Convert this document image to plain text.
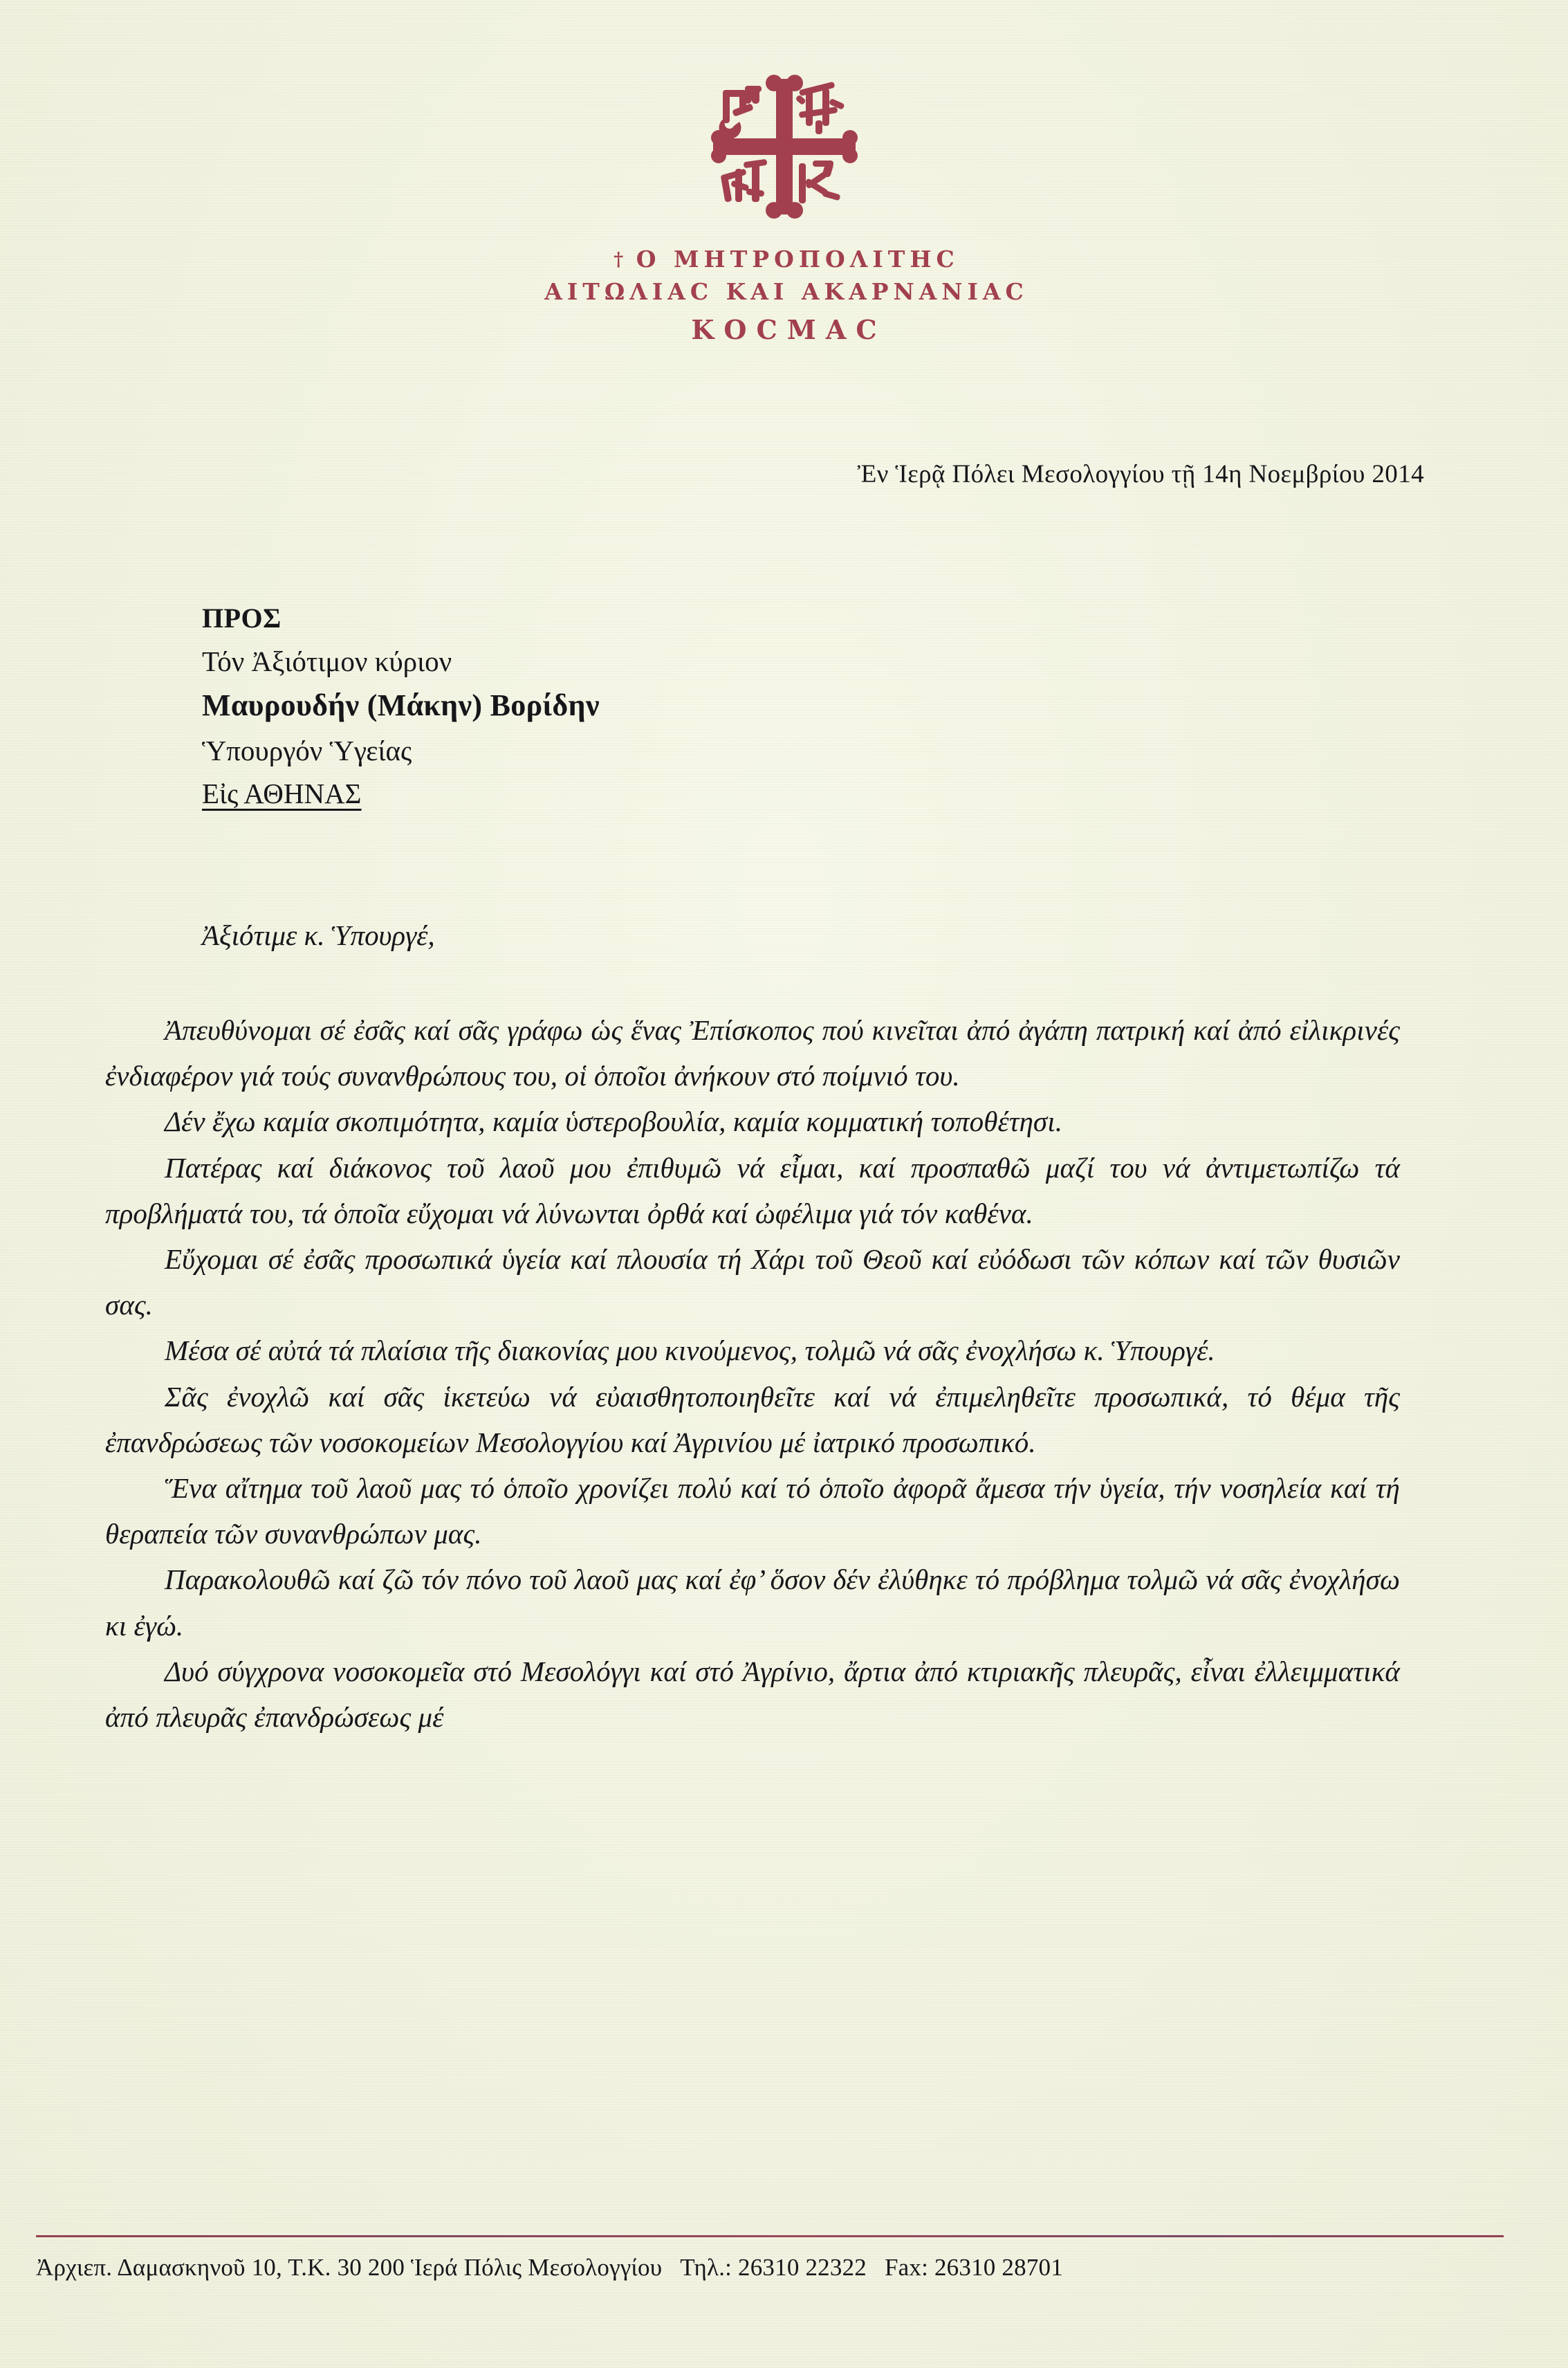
† Ο ΜΗΤΡΟΠΟΛΙΤΗϹ
ΑΙΤΩΛΙΑϹ ΚΑΙ ΑΚΑΡΝΑΝΙΑϹ
ΚΟϹΜΑϹ
Ἐν Ἱερᾷ Πόλει Μεσολογγίου τῇ 14η Νοεμβρίου 2014
ΠΡΟΣ
Τόν Ἀξιότιμον κύριον
Μαυρουδήν (Μάκην) Βορίδην
Ὑπουργόν Ὑγείας
Εἰς ΑΘΗΝΑΣ
Ἀξιότιμε κ. Ὑπουργέ,

Ἀπευθύνομαι σέ ἐσᾶς καί σᾶς γράφω ὡς ἕνας Ἐπίσκοπος πού κινεῖται ἀπό ἀγάπη πατρική καί ἀπό εἰλικρινές ἐνδιαφέρον γιά τούς συνανθρώπους του, οἱ ὁποῖοι ἀνήκουν στό ποίμνιό του.

Δέν ἔχω καμία σκοπιμότητα, καμία ὑστεροβουλία, καμία κομματική τοποθέτησι.

Πατέρας καί διάκονος τοῦ λαοῦ μου ἐπιθυμῶ νά εἶμαι, καί προσπαθῶ μαζί του νά ἀντιμετωπίζω τά προβλήματά του, τά ὁποῖα εὔχομαι νά λύνωνται ὀρθά καί ὠφέλιμα γιά τόν καθένα.

Εὔχομαι σέ ἐσᾶς προσωπικά ὑγεία καί πλουσία τή Χάρι τοῦ Θεοῦ καί εὐόδωσι τῶν κόπων καί τῶν θυσιῶν σας.

Μέσα σέ αὐτά τά πλαίσια τῆς διακονίας μου κινούμενος, τολμῶ νά σᾶς ἐνοχλήσω κ. Ὑπουργέ.

Σᾶς ἐνοχλῶ καί σᾶς ἱκετεύω νά εὐαισθητοποιηθεῖτε καί νά ἐπιμεληθεῖτε προσωπικά, τό θέμα τῆς ἐπανδρώσεως τῶν νοσοκομείων Μεσολογγίου καί Ἀγρινίου μέ ἰατρικό προσωπικό.

Ἕνα αἴτημα τοῦ λαοῦ μας τό ὁποῖο χρονίζει πολύ καί τό ὁποῖο ἀφορᾶ ἄμεσα τήν ὑγεία, τήν νοσηλεία καί τή θεραπεία τῶν συνανθρώπων μας.

Παρακολουθῶ καί ζῶ τόν πόνο τοῦ λαοῦ μας καί ἐφ’ ὅσον δέν ἐλύθηκε τό πρόβλημα τολμῶ νά σᾶς ἐνοχλήσω κι ἐγώ.

Δυό σύγχρονα νοσοκομεῖα στό Μεσολόγγι καί στό Ἀγρίνιο, ἄρτια ἀπό κτιριακῆς πλευρᾶς, εἶναι ἐλλειμματικά ἀπό πλευρᾶς ἐπανδρώσεως μέ

Ἀρχιεπ. Δαμασκηνοῦ 10, Τ.Κ. 30 200 Ἱερά Πόλις Μεσολογγίου Τηλ.: 26310 22322 Fax: 26310 28701
